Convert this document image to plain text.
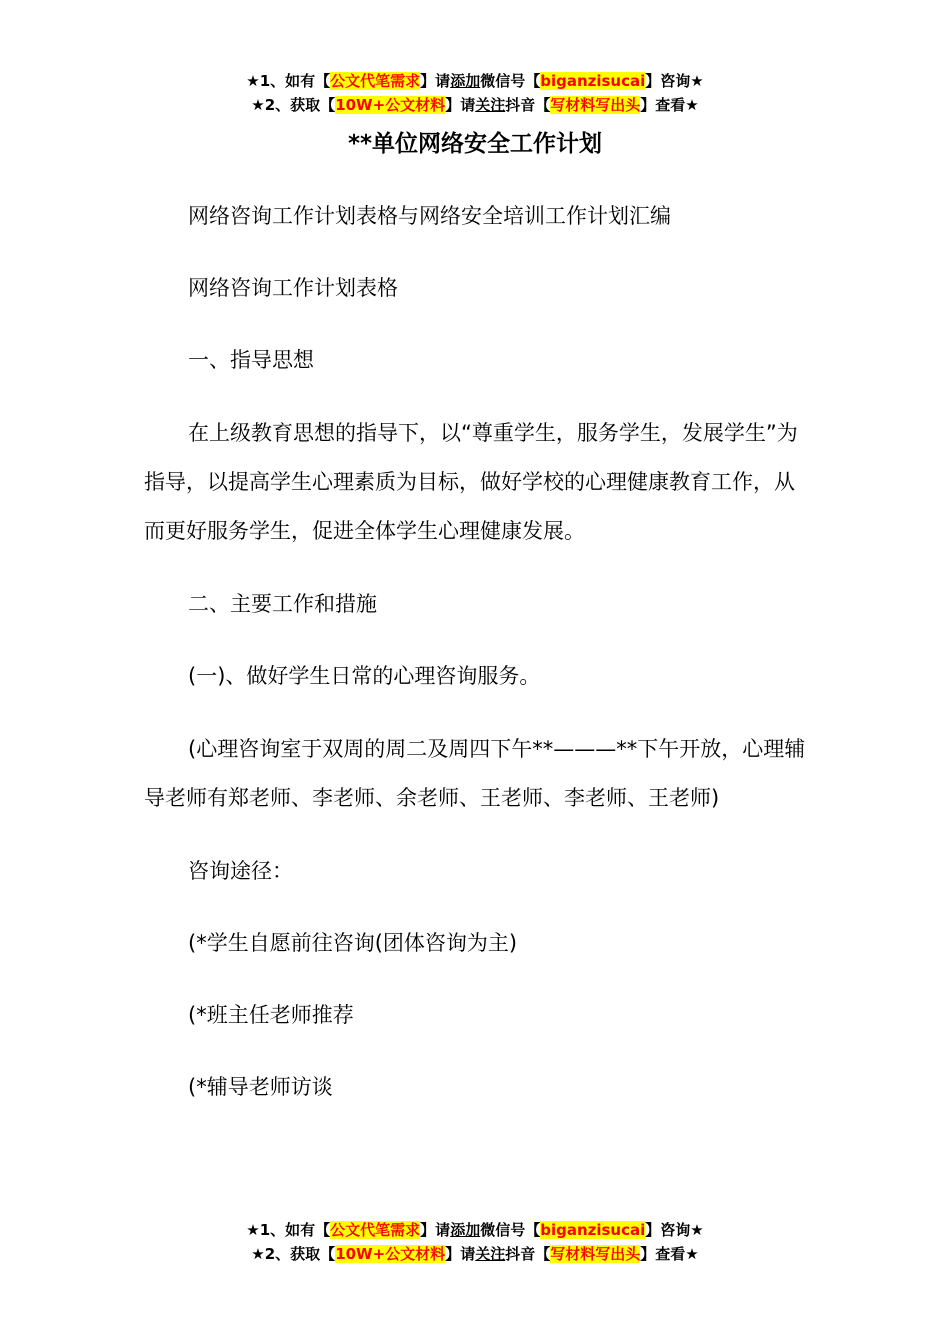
★1、如有【公文代笔需求】请添加微信号【biganzisucai】咨询★
★2、获取【10W+公文材料】请关注抖音【写材料写出头】查看★
**单位网络安全工作计划

网络咨询工作计划表格与网络安全培训工作计划汇编

网络咨询工作计划表格

一、指导思想

在上级教育思想的指导下，以“尊重学生，服务学生，发展学生”为指导，以提高学生心理素质为目标，做好学校的心理健康教育工作，从而更好服务学生，促进全体学生心理健康发展。

二、主要工作和措施

(一)、做好学生日常的心理咨询服务。

(心理咨询室于双周的周二及周四下午**———**下午开放，心理辅导老师有郑老师、李老师、余老师、王老师、李老师、王老师)

咨询途径：

(*学生自愿前往咨询(团体咨询为主)

(*班主任老师推荐

(*辅导老师访谈

★1、如有【公文代笔需求】请添加微信号【biganzisucai】咨询★
★2、获取【10W+公文材料】请关注抖音【写材料写出头】查看★
